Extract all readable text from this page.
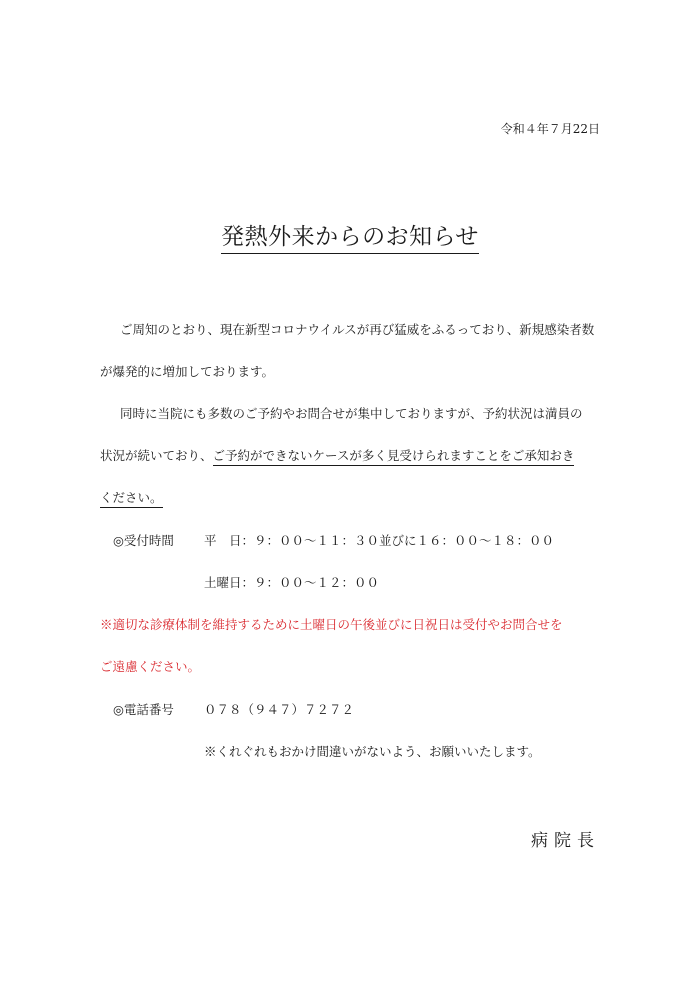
令和４年７月22日
発熱外来からのお知らせ
ご周知のとおり、現在新型コロナウイルスが再び猛威をふるっており、新規感染者数
が爆発的に増加しております。
同時に当院にも多数のご予約やお問合せが集中しておりますが、予約状況は満員の
状況が続いており、ご予約ができないケースが多く見受けられますことをご承知おき
ください。
◎受付時間 平　日：９：００～１１：３０並びに１６：００～１８：００
土曜日：９：００～１２：００
※適切な診療体制を維持するために土曜日の午後並びに日祝日は受付やお問合せを
ご遠慮ください。
◎電話番号 ０７８（９４７）７２７２
※くれぐれもおかけ間違いがないよう、お願いいたします。
病院長
